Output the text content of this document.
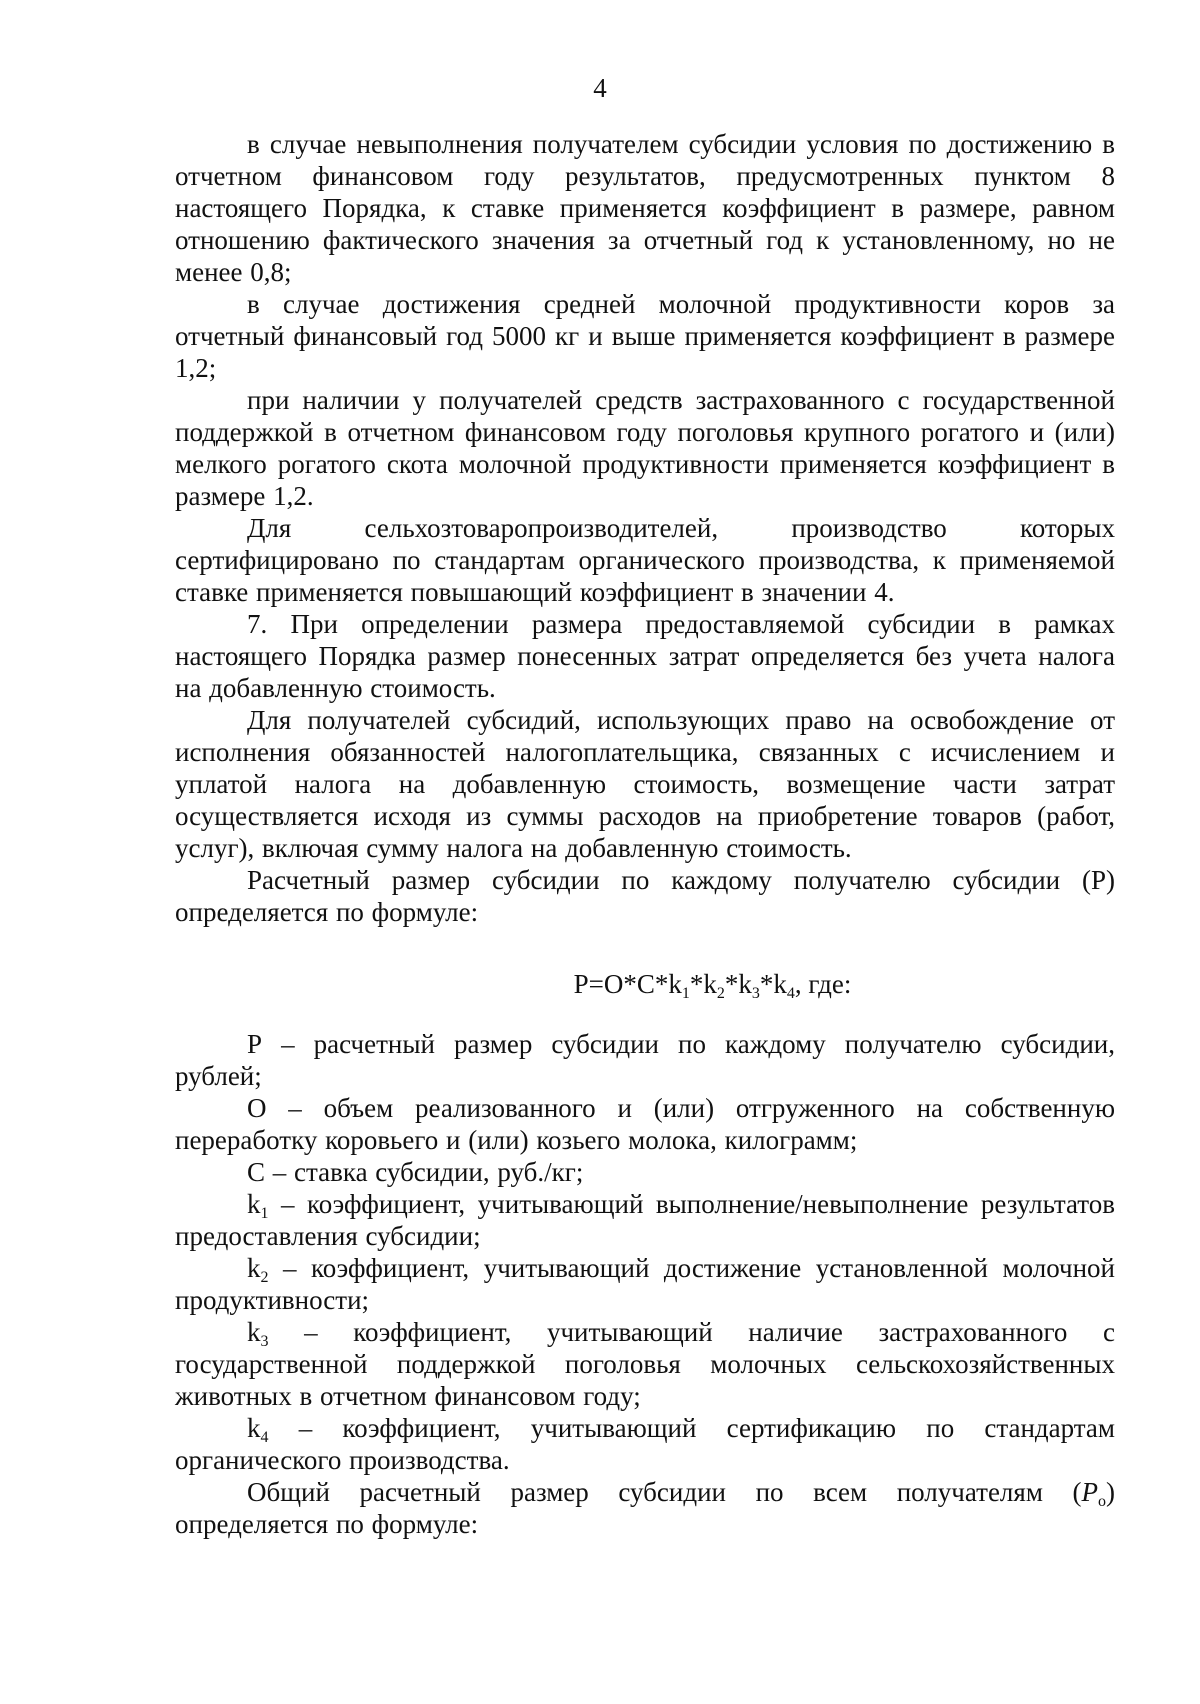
4

в случае невыполнения получателем субсидии условия по достижению в отчетном финансовом году результатов, предусмотренных пунктом 8 настоящего Порядка, к ставке применяется коэффициент в размере, равном отношению фактического значения за отчетный год к установленному, но не менее 0,8;

в случае достижения средней молочной продуктивности коров за отчетный финансовый год 5000 кг и выше применяется коэффициент в размере 1,2;

при наличии у получателей средств застрахованного с государственной поддержкой в отчетном финансовом году поголовья крупного рогатого и (или) мелкого рогатого скота молочной продуктивности применяется коэффициент в размере 1,2.

Для сельхозтоваропроизводителей, производство которых сертифицировано по стандартам органического производства, к применяемой ставке применяется повышающий коэффициент в значении 4.

7. При определении размера предоставляемой субсидии в рамках настоящего Порядка размер понесенных затрат определяется без учета налога на добавленную стоимость.

Для получателей субсидий, использующих право на освобождение от исполнения обязанностей налогоплательщика, связанных с исчислением и уплатой налога на добавленную стоимость, возмещение части затрат осуществляется исходя из суммы расходов на приобретение товаров (работ, услуг), включая сумму налога на добавленную стоимость.

Расчетный размер субсидии по каждому получателю субсидии (Р) определяется по формуле:

$Р=О*С*k_1*k_2*k_3*k_4$, где:

Р – расчетный размер субсидии по каждому получателю субсидии, рублей;

О – объем реализованного и (или) отгруженного на собственную переработку коровьего и (или) козьего молока, килограмм;

С – ставка субсидии, руб./кг;

$k_1$ – коэффициент, учитывающий выполнение/невыполнение результатов предоставления субсидии;

$k_2$ – коэффициент, учитывающий достижение установленной молочной продуктивности;

$k_3$ – коэффициент, учитывающий наличие застрахованного с государственной поддержкой поголовья молочных сельскохозяйственных животных в отчетном финансовом году;

$k_4$ – коэффициент, учитывающий сертификацию по стандартам органического производства.

Общий расчетный размер субсидии по всем получателям $(P_o)$ определяется по формуле:
